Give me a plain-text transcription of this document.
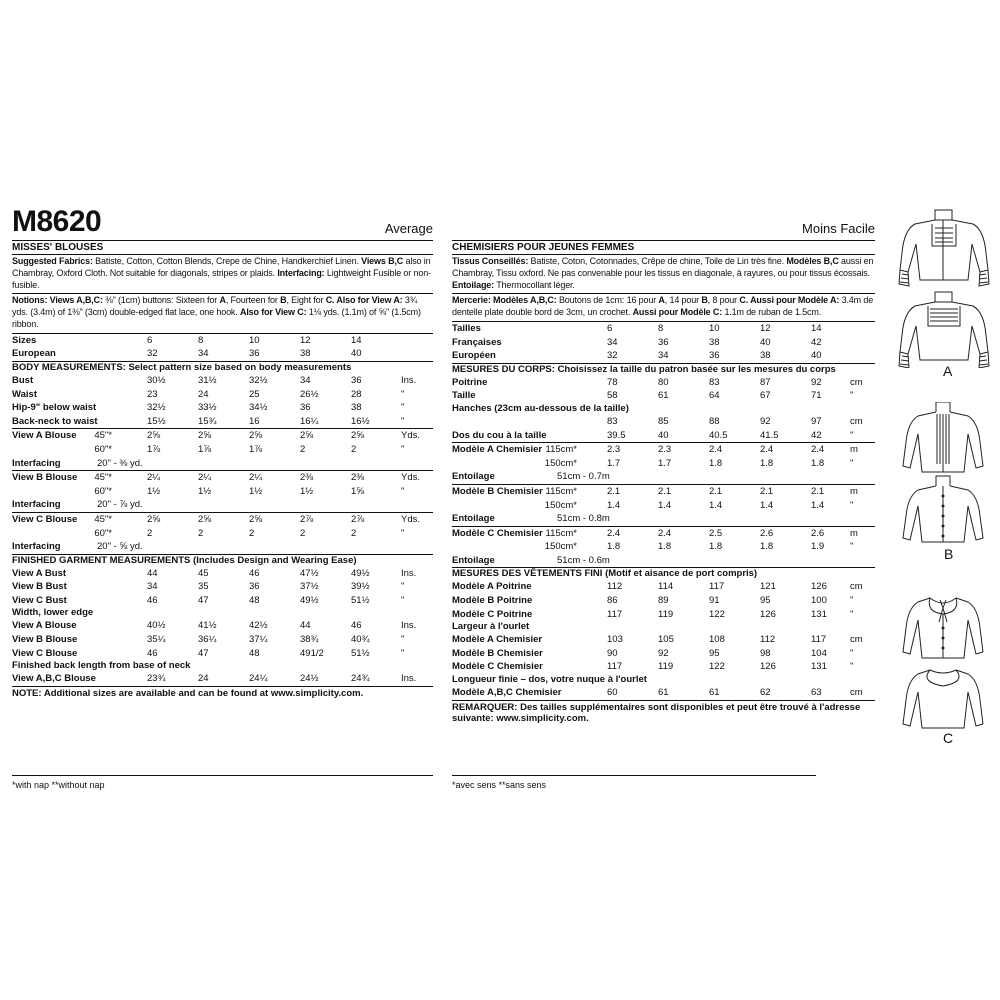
M8620	Average
MISSES' BLOUSES
Suggested Fabrics: Batiste, Cotton, Cotton Blends, Crepe de Chine, Handkerchief Linen. Views B,C also in Chambray, Oxford Cloth. Not suitable for diagonals, stripes or plaids. Interfacing: Lightweight Fusible or non-fusible.
Notions: Views A,B,C: ⅜" (1cm) buttons: Sixteen for A, Fourteen for B, Eight for C. Also for View A: 3¾ yds. (3.4m) of 1⅜" (3cm) double-edged flat lace, one hook. Also for View C: 1⅛ yds. (1.1m) of ⅝" (1.5cm) ribbon.
Sizes	6	8	10	12	14
European	32	34	36	38	40
BODY MEASUREMENTS: Select pattern size based on body measurements
Bust	30½	31½	32½	34	36	Ins.
Waist	23	24	25	26½	28	"
Hip-9" below waist	32½	33½	34½	36	38	"
Back-neck to waist	15½	15¾	16	16¼	16½	"
View A Blouse	45"*	2⅝	2⅝	2⅝	2⅝	2⅝	Yds.
60"*	1⅞	1⅞	1⅞	2	2	"
Interfacing	20" - ⅜ yd.
View B Blouse	45"*	2¼	2¼	2¼	2⅜	2⅜	Yds.
60"*	1½	1½	1½	1½	1⅝	"
Interfacing	20" - ⅞ yd.
View C Blouse	45"*	2⅝	2⅝	2⅝	2⅞	2⅞	Yds.
60"*	2	2	2	2	2	"
Interfacing	20" - ⅝ yd.
FINISHED GARMENT MEASUREMENTS (Includes Design and Wearing Ease)
View A Bust	44	45	46	47½	49½	Ins.
View B Bust	34	35	36	37½	39½	"
View C Bust	46	47	48	49½	51½	"
Width, lower edge
View A Blouse	40½	41½	42½	44	46	Ins.
View B Blouse	35¼	36¼	37¼	38¾	40¾	"
View C Blouse	46	47	48	491/2	51½	"
Finished back length from base of neck
View A,B,C Blouse	23¾	24	24¼	24½	24¾	Ins.
NOTE: Additional sizes are available and can be found at www.simplicity.com.
Moins Facile
CHEMISIERS POUR JEUNES FEMMES
Tissus Conseillés: Batiste, Coton, Cotonnades, Crêpe de chine, Toile de Lin très fine. Modèles B,C aussi en Chambray, Tissu oxford. Ne pas convenable pour les tissus en diagonale, à rayures, ou pour tissus écossais. Entoilage: Thermocollant léger.
Mercerie: Modèles A,B,C: Boutons de 1cm: 16 pour A, 14 pour B, 8 pour C. Aussi pour Modèle A: 3.4m de dentelle plate double bord de 3cm, un crochet. Aussi pour Modèle C: 1.1m de ruban de 1.5cm.
Tailles	6	8	10	12	14
Françaises	34	36	38	40	42
Européen	32	34	36	38	40
MESURES DU CORPS: Choisissez la taille du patron basée sur les mesures du corps
Poitrine	78	80	83	87	92	cm
Taille	58	61	64	67	71	"
Hanches (23cm au-dessous de la taille)
83	85	88	92	97	cm
Dos du cou à la taille	39.5	40	40.5	41.5	42	"
Modèle A Chemisier 115cm*	2.3	2.3	2.4	2.4	2.4	m
150cm*	1.7	1.7	1.8	1.8	1.8	"
Entoilage	51cm - 0.7m
Modèle B Chemisier 115cm*	2.1	2.1	2.1	2.1	2.1	m
150cm*	1.4	1.4	1.4	1.4	1.4	"
Entoilage	51cm - 0.8m
Modèle C Chemisier 115cm*	2.4	2.4	2.5	2.6	2.6	m
150cm*	1.8	1.8	1.8	1.8	1.9	"
Entoilage	51cm - 0.6m
MESURES DES VÊTEMENTS FINI (Motif et aisance de port compris)
Modèle A Poitrine	112	114	117	121	126	cm
Modèle B Poitrine	86	89	91	95	100	"
Modèle C Poitrine	117	119	122	126	131	"
Largeur à l'ourlet
Modèle A Chemisier	103	105	108	112	117	cm
Modèle B Chemisier	90	92	95	98	104	"
Modèle C Chemisier	117	119	122	126	131	"
Longueur finie – dos, votre nuque à l'ourlet
Modèle A,B,C Chemisier	60	61	61	62	63	cm
REMARQUER: Des tailles supplémentaires sont disponibles et peut être trouvé à l'adresse suivante: www.simplicity.com.
*with nap **without nap	*avec sens **sans sens
A
B
C
